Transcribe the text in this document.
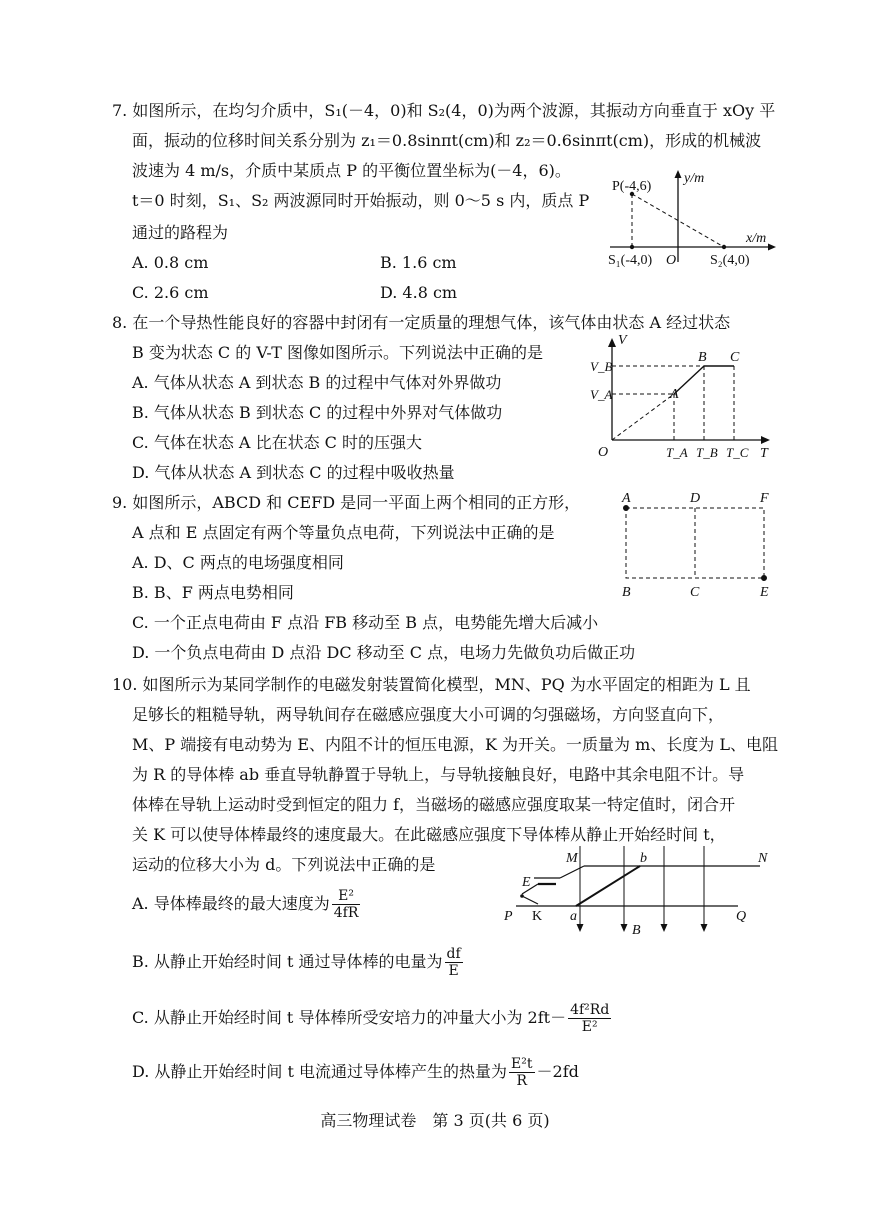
7. 如图所示，在均匀介质中，S₁(－4，0)和 S₂(4，0)为两个波源，其振动方向垂直于 xOy 平
面，振动的位移时间关系分别为 z₁＝0.8sinπt(cm)和 z₂＝0.6sinπt(cm)，形成的机械波
波速为 4 m/s，介质中某质点 P 的平衡位置坐标为(－4，6)。
t＝0 时刻，S₁、S₂ 两波源同时开始振动，则 0～5 s 内，质点 P
通过的路程为
A. 0.8 cm	B. 1.6 cm
C. 2.6 cm	D. 4.8 cm
P(-4,6)
y/m
x/m
S₁(-4,0) O S₂(4,0)
8. 在一个导热性能良好的容器中封闭有一定质量的理想气体，该气体由状态 A 经过状态
B 变为状态 C 的 V-T 图像如图所示。下列说法中正确的是
A. 气体从状态 A 到状态 B 的过程中气体对外界做功
B. 气体从状态 B 到状态 C 的过程中外界对气体做功
C. 气体在状态 A 比在状态 C 时的压强大
D. 气体从状态 A 到状态 C 的过程中吸收热量
V
V_B
V_A	A
B C
O	T_A T_B T_C T
9. 如图所示，ABCD 和 CEFD 是同一平面上两个相同的正方形，
A 点和 E 点固定有两个等量负点电荷，下列说法中正确的是
A. D、C 两点的电场强度相同
B. B、F 两点电势相同
C. 一个正点电荷由 F 点沿 FB 移动至 B 点，电势能先增大后减小
D. 一个负点电荷由 D 点沿 DC 移动至 C 点，电场力先做负功后做正功
A	D	F
B	C	E
10. 如图所示为某同学制作的电磁发射装置简化模型，MN、PQ 为水平固定的相距为 L 且
足够长的粗糙导轨，两导轨间存在磁感应强度大小可调的匀强磁场，方向竖直向下，
M、P 端接有电动势为 E、内阻不计的恒压电源，K 为开关。一质量为 m、长度为 L、电阻
为 R 的导体棒 ab 垂直导轨静置于导轨上，与导轨接触良好，电路中其余电阻不计。导
体棒在导轨上运动时受到恒定的阻力 f，当磁场的磁感应强度取某一特定值时，闭合开
关 K 可以使导体棒最终的速度最大。在此磁感应强度下导体棒从静止开始经时间 t，
运动的位移大小为 d。下列说法中正确的是
A. 导体棒最终的最大速度为 $\frac{\text{E²}}{4fR}$
B. 从静止开始经时间 t 通过导体棒的电量为 $\frac{df}{E}$
C. 从静止开始经时间 t 导体棒所受安培力的冲量大小为 $2ft- \frac{\text{4f²Rd}}{\text{E²}}$
D. 从静止开始经时间 t 电流通过导体棒产生的热量为 $\frac{\text{E²t}}{R} -2fd$
M	b	N
E
P K a
B
Q
高三物理试卷　第 3 页(共 6 页)
